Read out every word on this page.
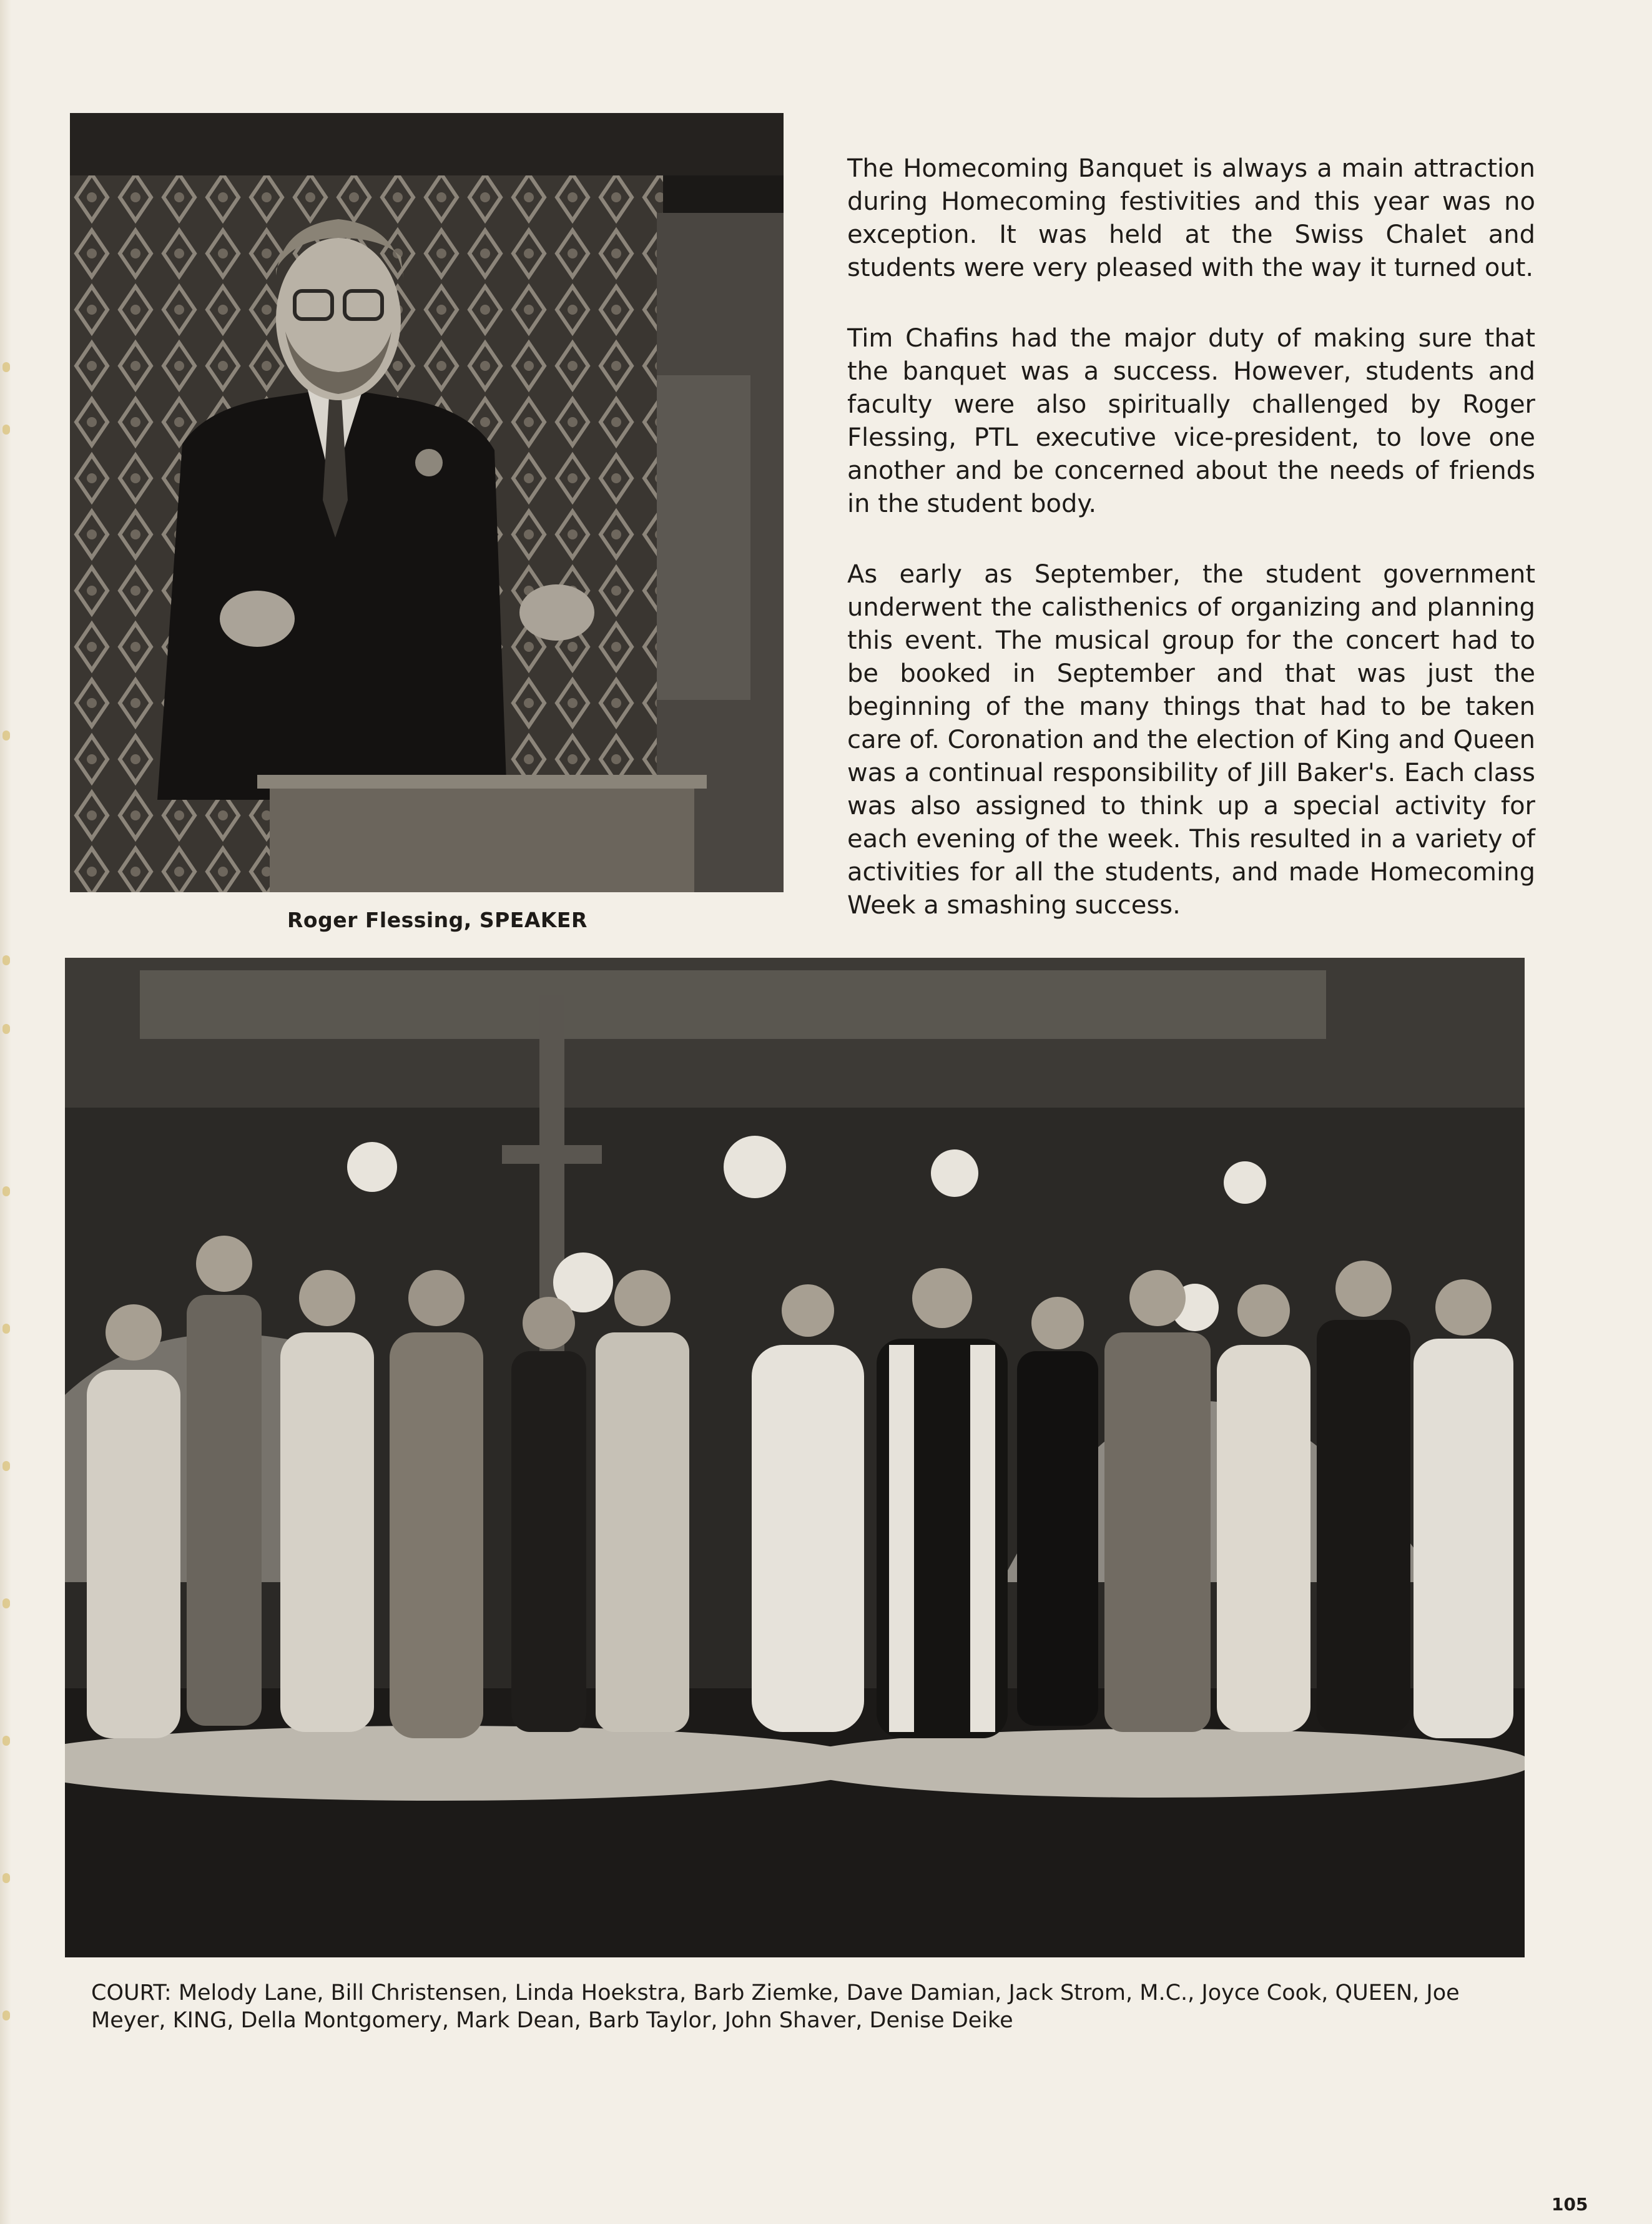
The Homecoming Banquet is always a main attraction during Homecoming festivities and this year was no exception. It was held at the Swiss Chalet and students were very pleased with the way it turned out.

Tim Chafins had the major duty of making sure that the banquet was a success. However, students and faculty were also spiritually challenged by Roger Flessing, PTL executive vice-president, to love one another and be concerned about the needs of friends in the student body.

As early as September, the student government underwent the calisthenics of organizing and planning this event. The musical group for the concert had to be booked in September and that was just the beginning of the many things that had to be taken care of. Coronation and the election of King and Queen was a continual responsibility of Jill Baker's. Each class was also assigned to think up a special activity for each evening of the week. This resulted in a variety of activities for all the students, and made Homecoming Week a smashing success.

Roger Flessing, SPEAKER
COURT: Melody Lane, Bill Christensen, Linda Hoekstra, Barb Ziemke, Dave Damian, Jack Strom, M.C., Joyce Cook, QUEEN, Joe Meyer, KING, Della Montgomery, Mark Dean, Barb Taylor, John Shaver, Denise Deike
105
